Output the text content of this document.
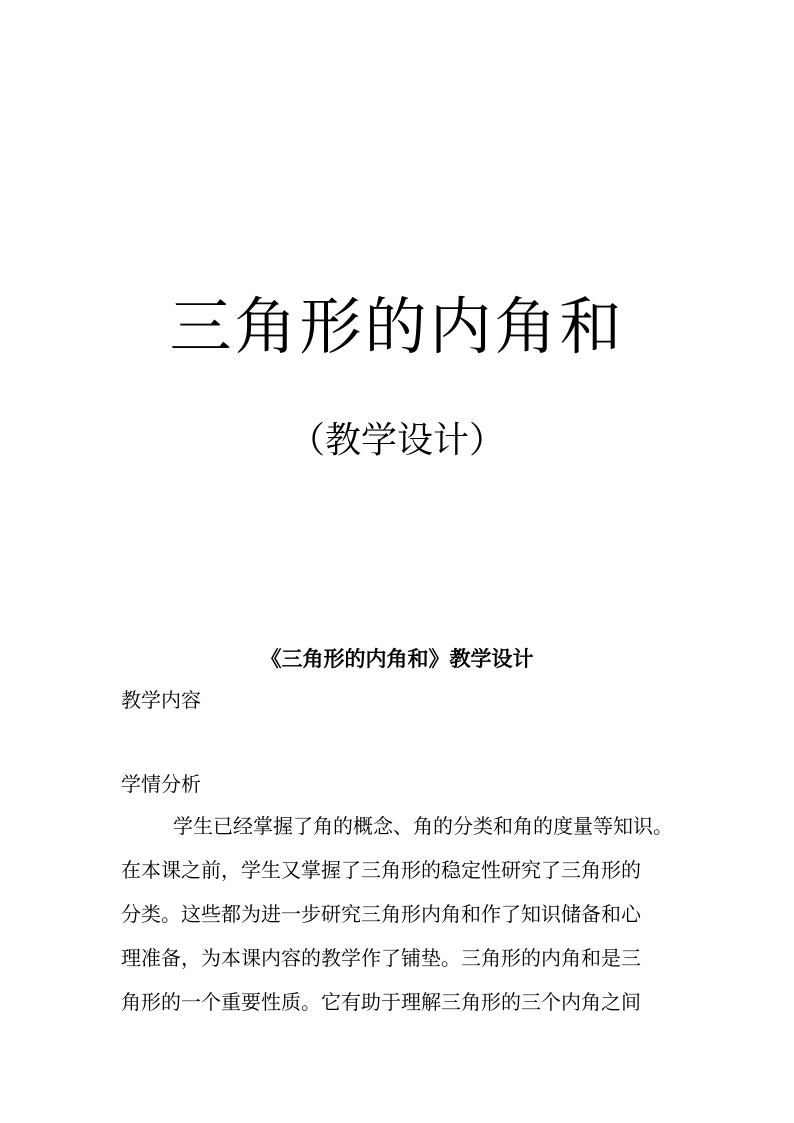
三角形的内角和
（教学设计）
《三角形的内角和》教学设计
教学内容
学情分析
学生已经掌握了角的概念、角的分类和角的度量等知识。
在本课之前，学生又掌握了三角形的稳定性研究了三角形的
分类。这些都为进一步研究三角形内角和作了知识储备和心
理准备，为本课内容的教学作了铺垫。三角形的内角和是三
角形的一个重要性质。它有助于理解三角形的三个内角之间
